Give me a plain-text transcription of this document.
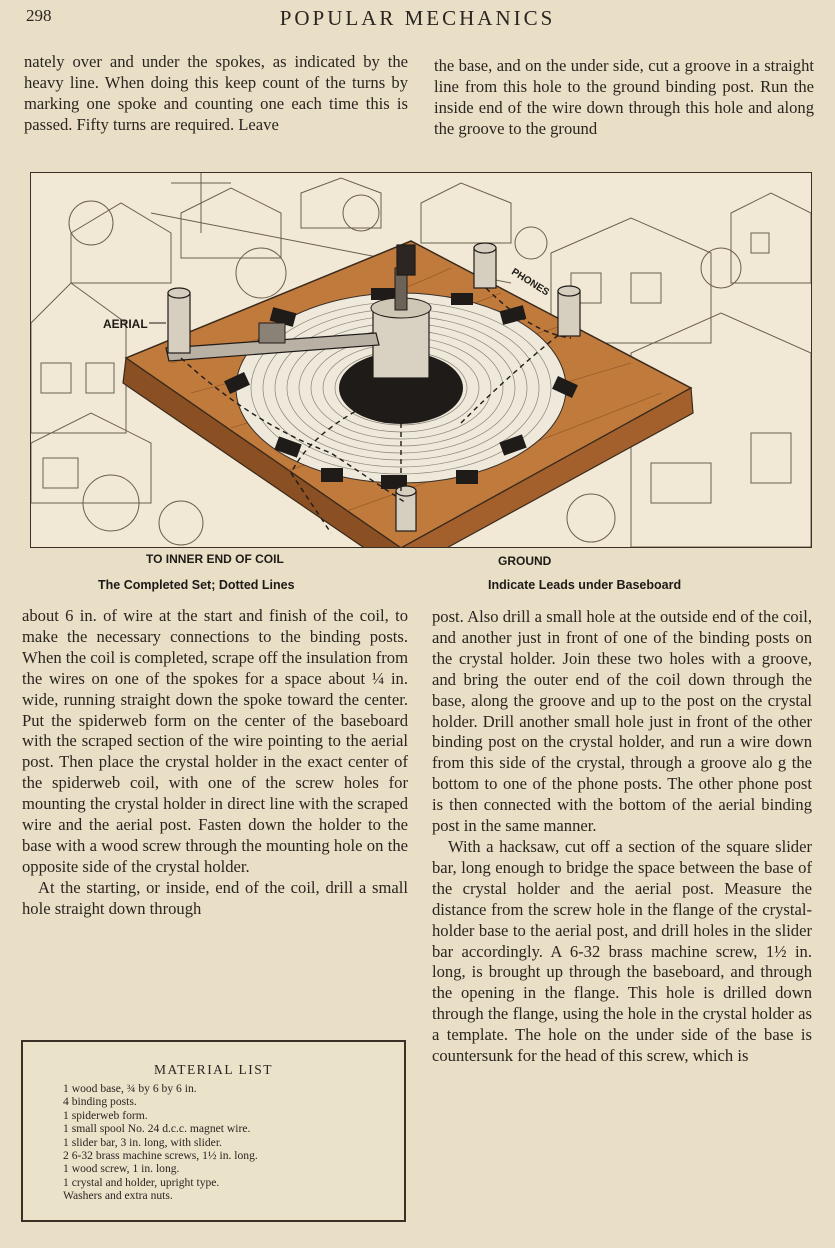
298	POPULAR MECHANICS

nately over and under the spokes, as indicated by the heavy line. When doing this keep count of the turns by marking one spoke and counting one each time this is passed. Fifty turns are required. Leave

the base, and on the under side, cut a groove in a straight line from this hole to the ground binding post. Run the inside end of the wire down through this hole and along the groove to the ground

AERIAL
PHONES
TO INNER END OF COIL	GROUND
The Completed Set; Dotted Lines	Indicate Leads under Baseboard

about 6 in. of wire at the start and finish of the coil, to make the necessary connections to the binding posts. When the coil is completed, scrape off the insulation from the wires on one of the spokes for a space about ¼ in. wide, running straight down the spoke toward the center. Put the spiderweb form on the center of the baseboard with the scraped section of the wire pointing to the aerial post. Then place the crystal holder in the exact center of the spiderweb coil, with one of the screw holes for mounting the crystal holder in direct line with the scraped wire and the aerial post. Fasten down the holder to the base with a wood screw through the mounting hole on the opposite side of the crystal holder.

At the starting, or inside, end of the coil, drill a small hole straight down through

post. Also drill a small hole at the outside end of the coil, and another just in front of one of the binding posts on the crystal holder. Join these two holes with a groove, and bring the outer end of the coil down through the base, along the groove and up to the post on the crystal holder. Drill another small hole just in front of the other binding post on the crystal holder, and run a wire down from this side of the crystal, through a groove alo g the bottom to one of the phone posts. The other phone post is then connected with the bottom of the aerial binding post in the same manner.

With a hacksaw, cut off a section of the square slider bar, long enough to bridge the space between the base of the crystal holder and the aerial post. Measure the distance from the screw hole in the flange of the crystal-holder base to the aerial post, and drill holes in the slider bar accordingly. A 6-32 brass machine screw, 1½ in. long, is brought up through the baseboard, and through the opening in the flange. This hole is drilled down through the flange, using the hole in the crystal holder as a template. The hole on the under side of the base is countersunk for the head of this screw, which is

MATERIAL LIST
1 wood base, ¾ by 6 by 6 in.
4 binding posts.
1 spiderweb form.
1 small spool No. 24 d.c.c. magnet wire.
1 slider bar, 3 in. long, with slider.
2 6-32 brass machine screws, 1½ in. long.
1 wood screw, 1 in. long.
1 crystal and holder, upright type.
Washers and extra nuts.
